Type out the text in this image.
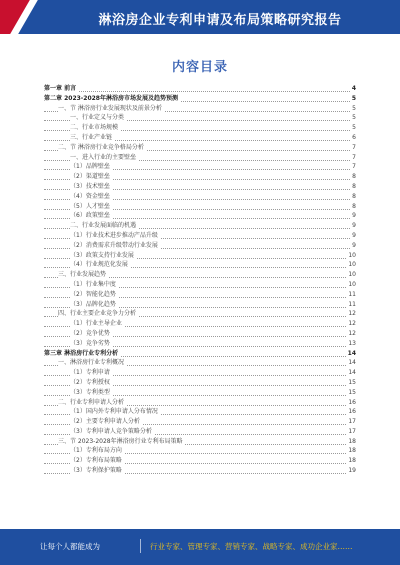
淋浴房企业专利申请及布局策略研究报告
内容目录
第一章 前言	4
第二章 2023-2028年淋浴房市场发展及趋势预测	5
一、节 淋浴房行业发展现状及前景分析	5
一、行业定义与分类	5
二、行业市场规模	5
三、行业产业链	6
二、节 淋浴房行业竞争格局分析	7
一、进入行业的主要壁垒	7
（1）品牌壁垒	7
（2）渠道壁垒	8
（3）技术壁垒	8
（4）资金壁垒	8
（5）人才壁垒	8
（6）政策壁垒	9
二、行业发展面临的机遇	9
（1）行业技术进步推动产品升级	9
（2）消费需求升级带动行业发展	9
（3）政策支持行业发展	10
（4）行业规范化发展	10
三、行业发展趋势	10
（1）行业集中度	10
（2）智能化趋势	11
（3）品牌化趋势	11
四、行业主要企业竞争力分析	12
（1）行业主导企业	12
（2）竞争优势	12
（3）竞争劣势	13
第三章 淋浴房行业专利分析	14
一、淋浴房行业专利概况	14
（1）专利申请	14
（2）专利授权	15
（3）专利类型	15
二、行业专利申请人分析	16
（1）国内外专利申请人分布情况	16
（2）主要专利申请人分析	17
（3）专利申请人竞争策略分析	17
三、节 2023-2028年淋浴房行业专利布局策略	18
（1）专利布局方向	18
（2）专利布局策略	18
（3）专利保护策略	19
让每个人都能成为	行业专家、管理专家、营销专家、战略专家、成功企业家……
